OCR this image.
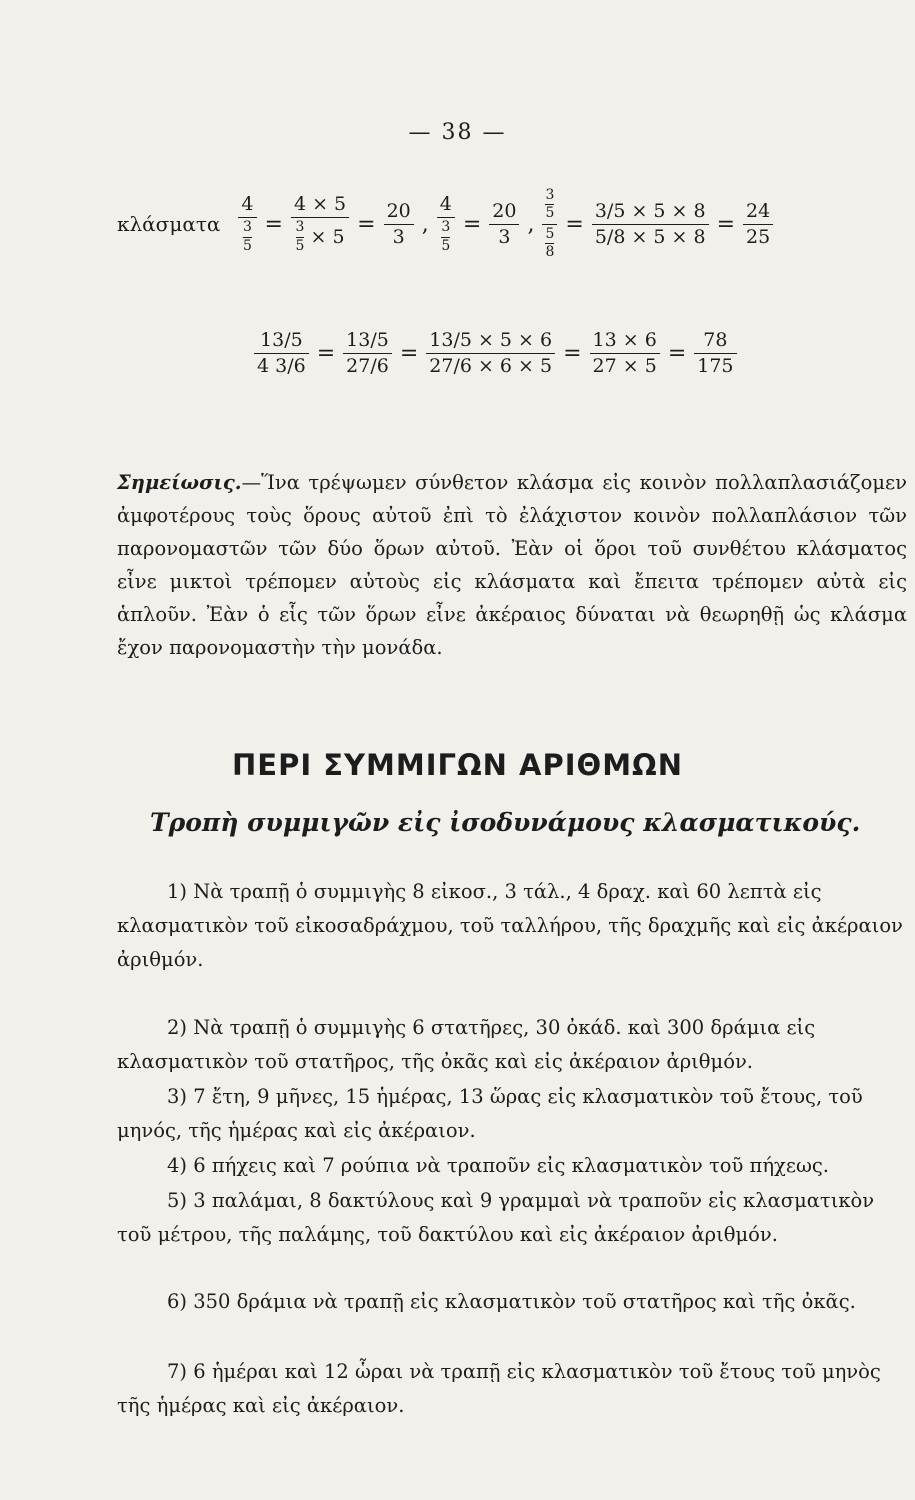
— 38 —
κλάσματα 4
3
5 = 4 × 5
3
5
× $5 = \frac{20}{3}$ , 4
3
$5 = \frac{20}{3}$ , 3
5
5
$8 = \frac{3/5 \times 5 \times 8}{5/8 \times 5 \times 8} = \frac{24}{25}$
$\frac{13/5}{4 3/6} = \frac{13/5}{27/6} = \frac{13/5 \times 5 \times 6}{27/6 \times 6 \times 5} = \frac{13 \times 6}{27 \times 5} = \frac{78}{175}$
Σημείωσις.—Ἵνα τρέψωμεν σύνθετον κλάσμα εἰς κοινὸν πολλαπλασιάζομεν ἀμφοτέρους τοὺς ὅρους αὐτοῦ ἐπὶ τὸ ἐλάχιστον κοινὸν πολλαπλάσιον τῶν παρονομαστῶν τῶν δύο ὅρων αὐτοῦ. Ἐὰν οἱ ὅροι τοῦ συνθέτου κλάσματος εἶνε μικτοὶ τρέπομεν αὐτοὺς εἰς κλάσματα καὶ ἔπειτα τρέπομεν αὐτὰ εἰς ἁπλοῦν. Ἐὰν ὁ εἷς τῶν ὅρων εἶνε ἀκέραιος δύναται νὰ θεωρηθῇ ὡς κλάσμα ἔχον παρονομαστὴν τὴν μονάδα.
ΠΕΡΙ ΣΥΜΜΙΓΩΝ ΑΡΙΘΜΩΝ
Τροπὴ συμμιγῶν εἰς ἰσοδυνάμους κλασματικούς.
1) Νὰ τραπῇ ὁ συμμιγὴς 8 εἰκοσ., 3 τάλ., 4 δραχ. καὶ 60 λεπτὰ εἰς κλασματικὸν τοῦ εἰκοσαδράχμου, τοῦ ταλλήρου, τῆς δραχμῆς καὶ εἰς ἀκέραιον ἀριθμόν.
2) Νὰ τραπῇ ὁ συμμιγὴς 6 στατῆρες, 30 ὀκάδ. καὶ 300 δράμια εἰς κλασματικὸν τοῦ στατῆρος, τῆς ὀκᾶς καὶ εἰς ἀκέραιον ἀριθμόν.
3) 7 ἔτη, 9 μῆνες, 15 ἡμέρας, 13 ὥρας εἰς κλασματικὸν τοῦ ἔτους, τοῦ μηνός, τῆς ἡμέρας καὶ εἰς ἀκέραιον.
4) 6 πήχεις καὶ 7 ρούπια νὰ τραποῦν εἰς κλασματικὸν τοῦ πήχεως.
5) 3 παλάμαι, 8 δακτύλους καὶ 9 γραμμαὶ νὰ τραποῦν εἰς κλασματικὸν τοῦ μέτρου, τῆς παλάμης, τοῦ δακτύλου καὶ εἰς ἀκέραιον ἀριθμόν.
6) 350 δράμια νὰ τραπῇ εἰς κλασματικὸν τοῦ στατῆρος καὶ τῆς ὀκᾶς.
7) 6 ἡμέραι καὶ 12 ὧραι νὰ τραπῇ εἰς κλασματικὸν τοῦ ἔτους τοῦ μηνὸς τῆς ἡμέρας καὶ εἰς ἀκέραιον.
